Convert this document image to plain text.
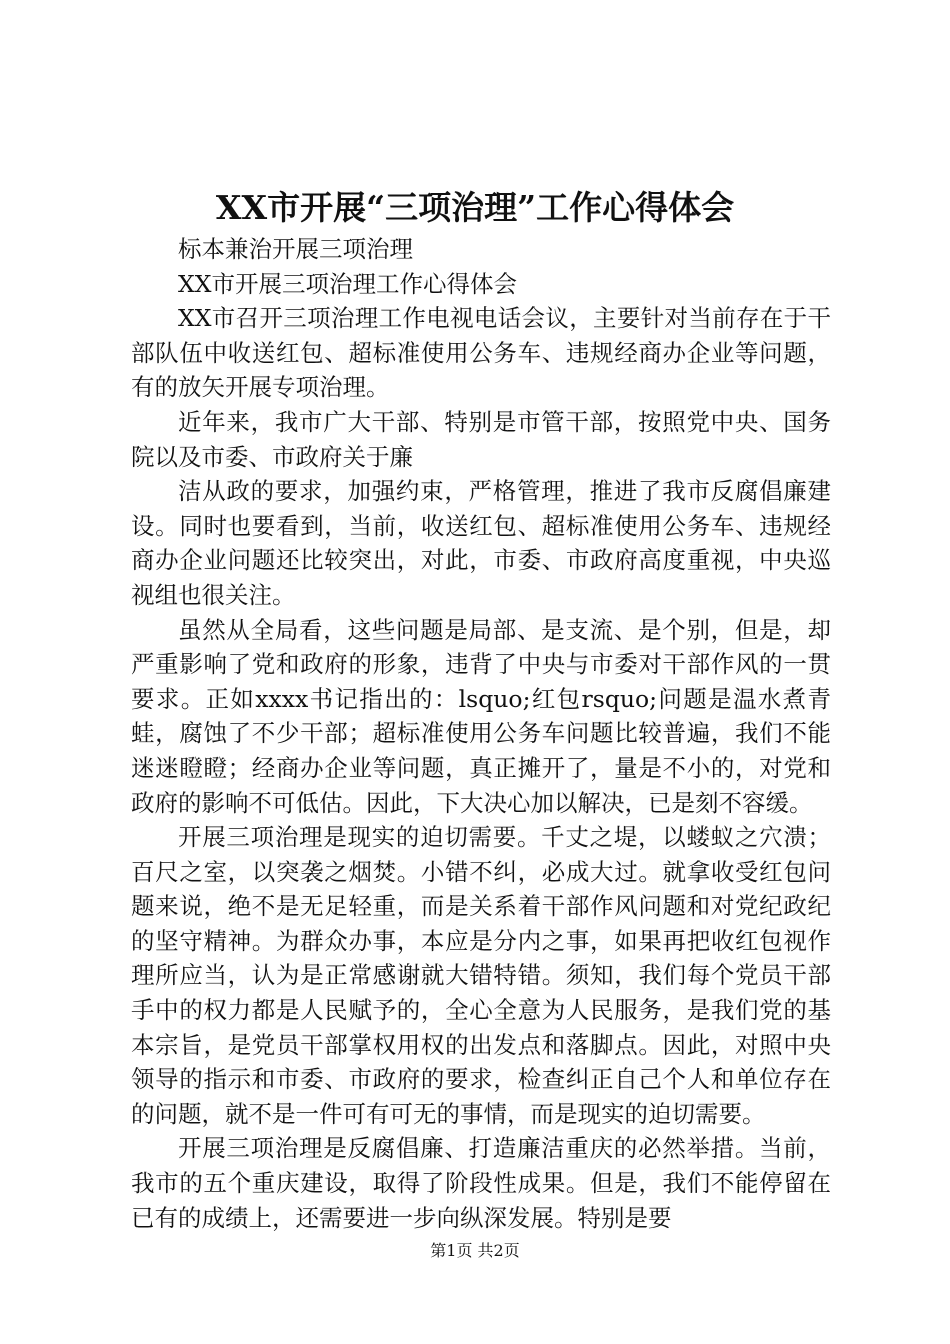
XX市开展“三项治理”工作心得体会

标本兼治开展三项治理

XX市开展三项治理工作心得体会

XX市召开三项治理工作电视电话会议，主要针对当前存在于干部队伍中收送红包、超标准使用公务车、违规经商办企业等问题，有的放矢开展专项治理。

近年来，我市广大干部、特别是市管干部，按照党中央、国务院以及市委、市政府关于廉

洁从政的要求，加强约束，严格管理，推进了我市反腐倡廉建设。同时也要看到，当前，收送红包、超标准使用公务车、违规经商办企业问题还比较突出，对此，市委、市政府高度重视，中央巡视组也很关注。

虽然从全局看，这些问题是局部、是支流、是个别，但是，却严重影响了党和政府的形象，违背了中央与市委对干部作风的一贯要求。正如xxxx书记指出的：lsquo;红包rsquo;问题是温水煮青蛙，腐蚀了不少干部；超标准使用公务车问题比较普遍，我们不能迷迷瞪瞪；经商办企业等问题，真正摊开了，量是不小的，对党和政府的影响不可低估。因此，下大决心加以解决，已是刻不容缓。

开展三项治理是现实的迫切需要。千丈之堤，以蝼蚁之穴溃；百尺之室，以突袭之烟焚。小错不纠，必成大过。就拿收受红包问题来说，绝不是无足轻重，而是关系着干部作风问题和对党纪政纪的坚守精神。为群众办事，本应是分内之事，如果再把收红包视作理所应当，认为是正常感谢就大错特错。须知，我们每个党员干部手中的权力都是人民赋予的，全心全意为人民服务，是我们党的基本宗旨，是党员干部掌权用权的出发点和落脚点。因此，对照中央领导的指示和市委、市政府的要求，检查纠正自己个人和单位存在的问题，就不是一件可有可无的事情，而是现实的迫切需要。

开展三项治理是反腐倡廉、打造廉洁重庆的必然举措。当前，我市的五个重庆建设，取得了阶段性成果。但是，我们不能停留在已有的成绩上，还需要进一步向纵深发展。特别是要

第1页 共2页
